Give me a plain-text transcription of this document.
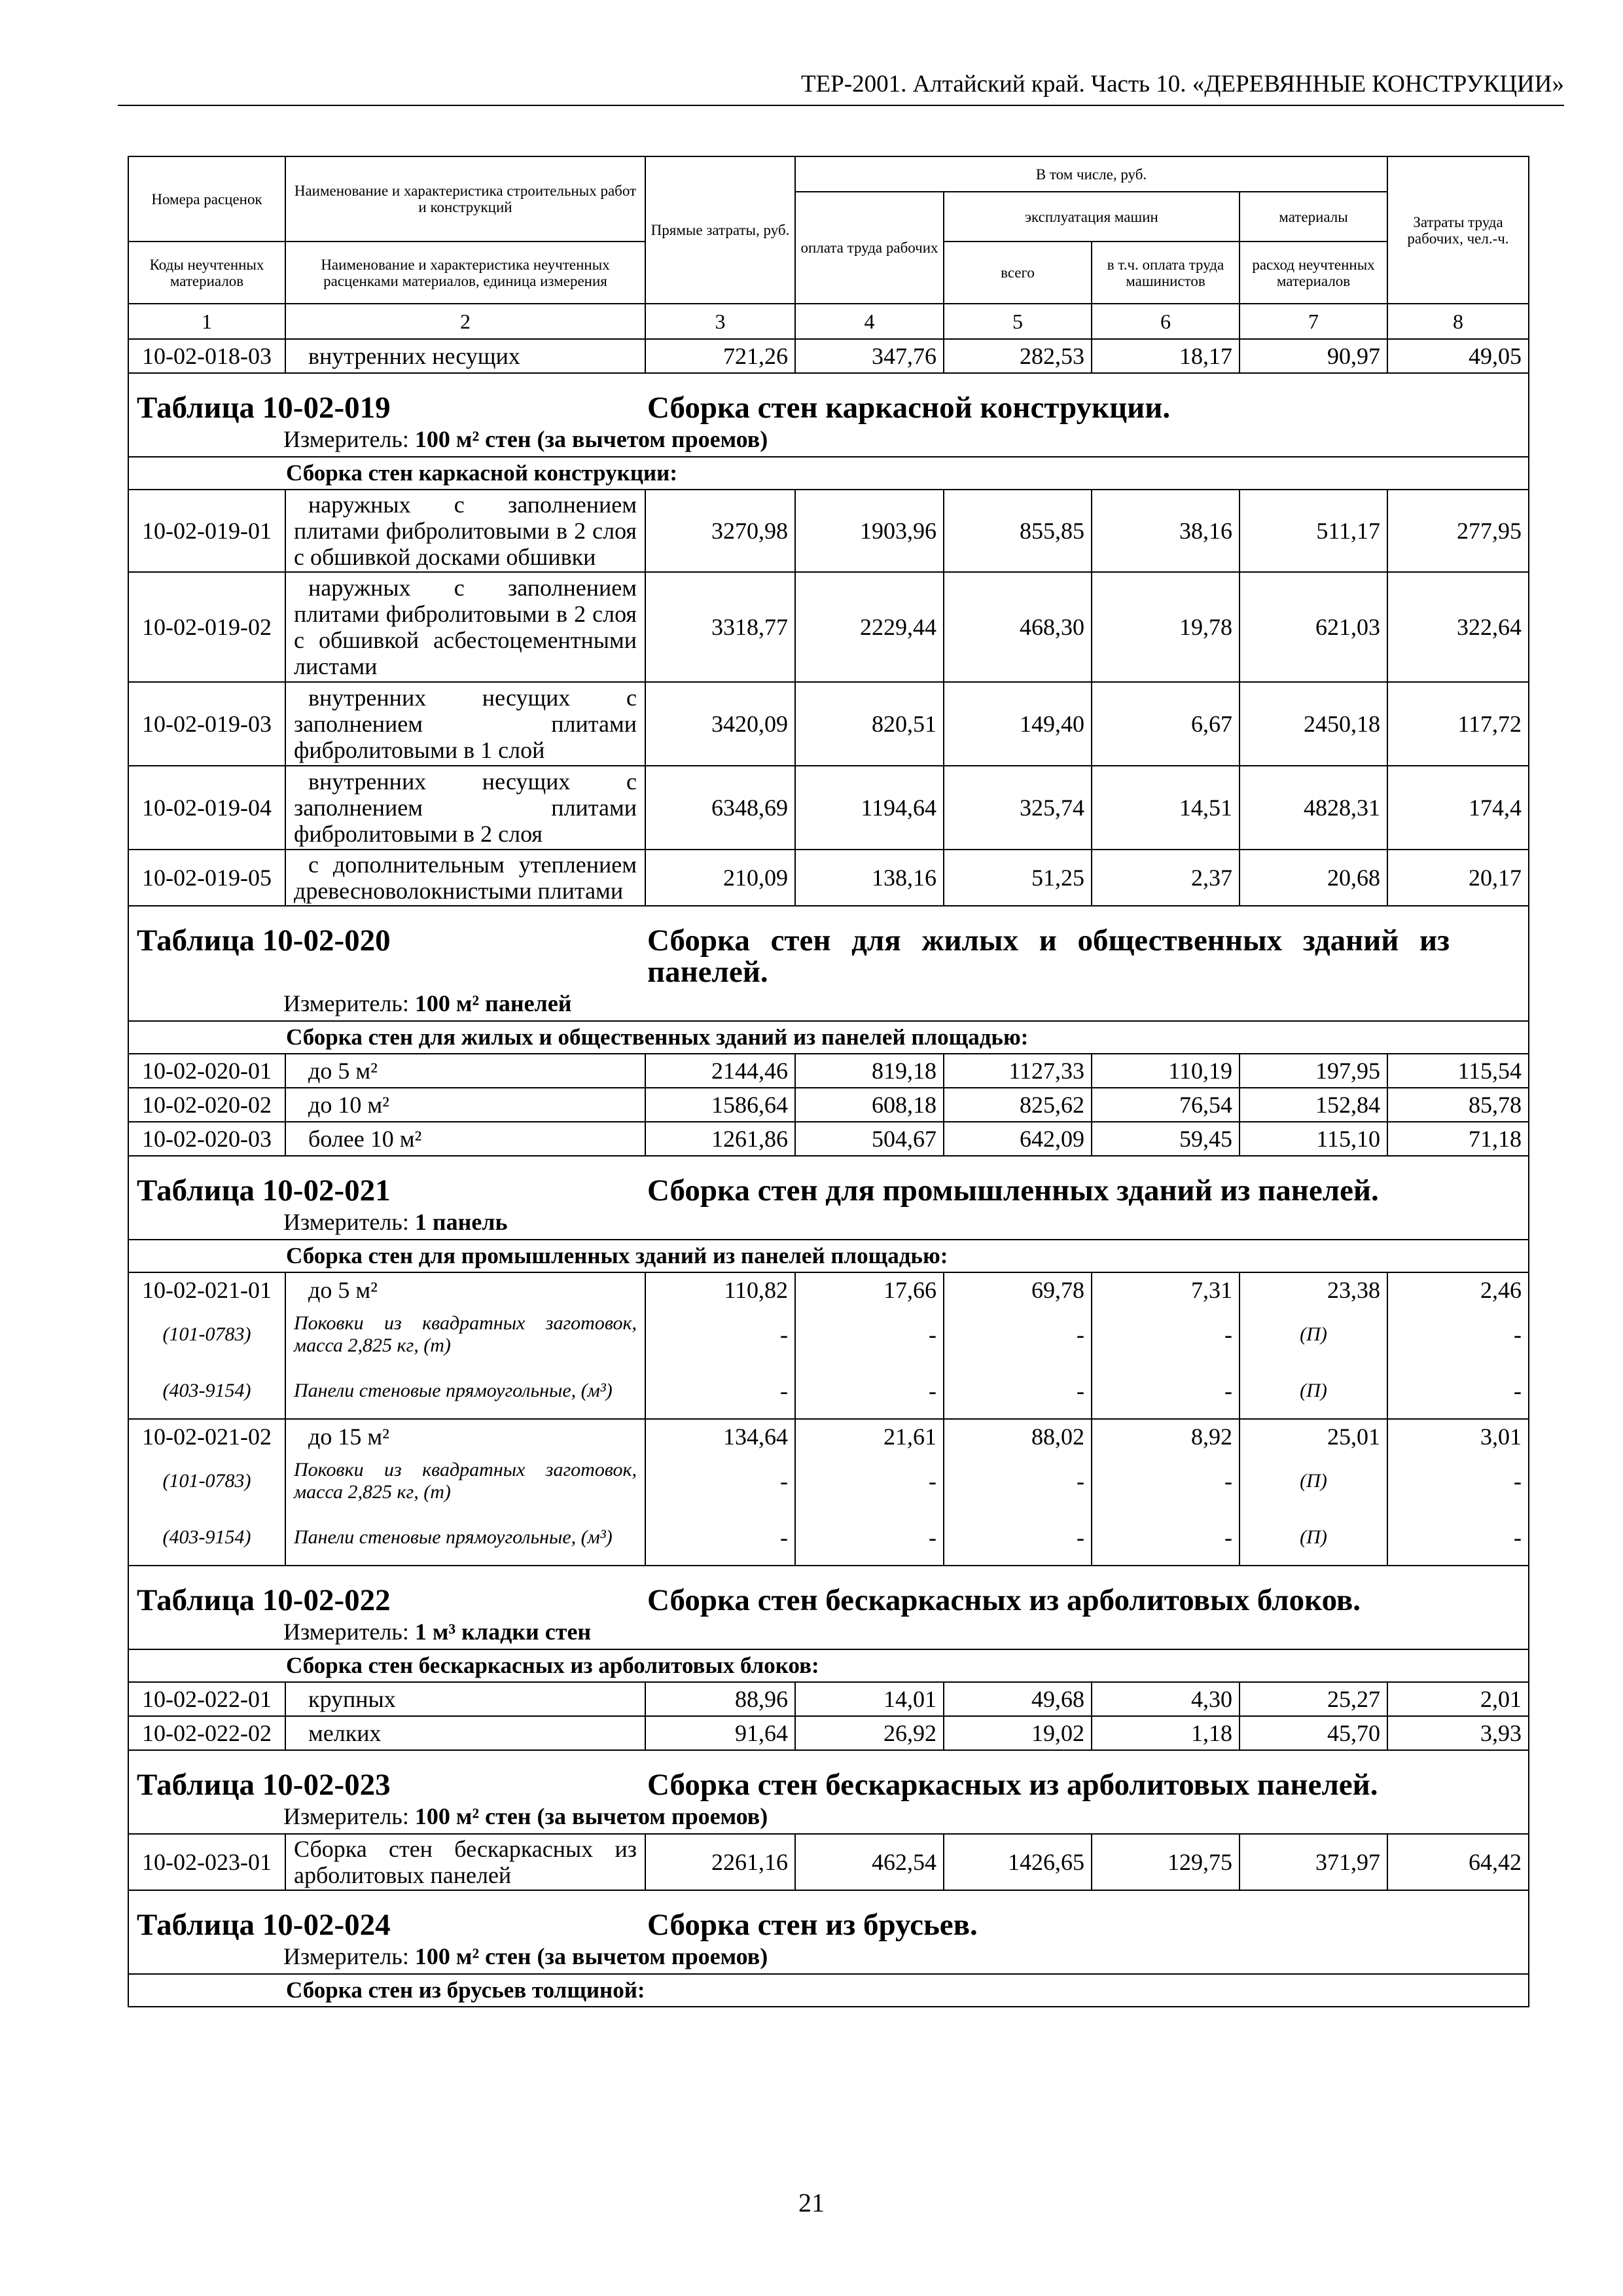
ТЕР-2001. Алтайский край. Часть 10. «ДЕРЕВЯННЫЕ КОНСТРУКЦИИ»
Номера расценок	Наименование и характеристика строительных работ и конструкций	Прямые затраты, руб.	В том числе, руб.				Затраты труда рабочих, чел.-ч.
			оплата труда рабочих	эксплуатация машин		материалы	
				всего	в т.ч. оплата труда машинистов	расход неучтенных материалов	
Коды неучтенных материалов	Наименование и характеристика неучтенных расценками материалов, единица измерения						
1	2	3	4	5	6	7	8
10-02-018-03	внутренних несущих	721,26	347,76	282,53	18,17	90,97	49,05

Таблица 10-02-019 Сборка стен каркасной конструкции.
Измеритель: 100 м² стен (за вычетом проемов)							

Сборка стен каркасной конструкции:							
10-02-019-01	наружных с заполнением плитами фибролитовыми в 2 слоя с обшивкой досками обшивки	3270,98	1903,96	855,85	38,16	511,17	277,95
10-02-019-02	наружных с заполнением плитами фибролитовыми в 2 слоя с обшивкой асбестоцементными листами	3318,77	2229,44	468,30	19,78	621,03	322,64
10-02-019-03	внутренних несущих с заполнением плитами фибролитовыми в 1 слой	3420,09	820,51	149,40	6,67	2450,18	117,72
10-02-019-04	внутренних несущих с заполнением плитами фибролитовыми в 2 слоя	6348,69	1194,64	325,74	14,51	4828,31	174,4
10-02-019-05	с дополнительным утеплением древесноволокнистыми плитами	210,09	138,16	51,25	2,37	20,68	20,17

Таблица 10-02-020 Сборка стен для жилых и общественных зданий из панелей.
Измеритель: 100 м² панелей							

Сборка стен для жилых и общественных зданий из панелей площадью:							
10-02-020-01	до 5 м²	2144,46	819,18	1127,33	110,19	197,95	115,54
10-02-020-02	до 10 м²	1586,64	608,18	825,62	76,54	152,84	85,78
10-02-020-03	более 10 м²	1261,86	504,67	642,09	59,45	115,10	71,18

Таблица 10-02-021 Сборка стен для промышленных зданий из панелей.
Измеритель: 1 панель							

Сборка стен для промышленных зданий из панелей площадью:							
10-02-021-01	до 5 м²	110,82	17,66	69,78	7,31	23,38	2,46
(101-0783)	Поковки из квадратных заготовок, масса 2,825 кг, (т)	-	-	-	-	(П)	-
(403-9154)	Панели стеновые прямоугольные, (м³)	-	-	-	-	(П)	-
10-02-021-02	до 15 м²	134,64	21,61	88,02	8,92	25,01	3,01
(101-0783)	Поковки из квадратных заготовок, масса 2,825 кг, (т)	-	-	-	-	(П)	-
(403-9154)	Панели стеновые прямоугольные, (м³)	-	-	-	-	(П)	-

Таблица 10-02-022 Сборка стен бескаркасных из арболитовых блоков.
Измеритель: 1 м³ кладки стен							

Сборка стен бескаркасных из арболитовых блоков:							
10-02-022-01	крупных	88,96	14,01	49,68	4,30	25,27	2,01
10-02-022-02	мелких	91,64	26,92	19,02	1,18	45,70	3,93

Таблица 10-02-023 Сборка стен бескаркасных из арболитовых панелей.
Измеритель: 100 м² стен (за вычетом проемов)							

10-02-023-01	Сборка стен бескаркасных из арболитовых панелей	2261,16	462,54	1426,65	129,75	371,97	64,42

Таблица 10-02-024 Сборка стен из брусьев.
Измеритель: 100 м² стен (за вычетом проемов)							

Сборка стен из брусьев толщиной:							
21
